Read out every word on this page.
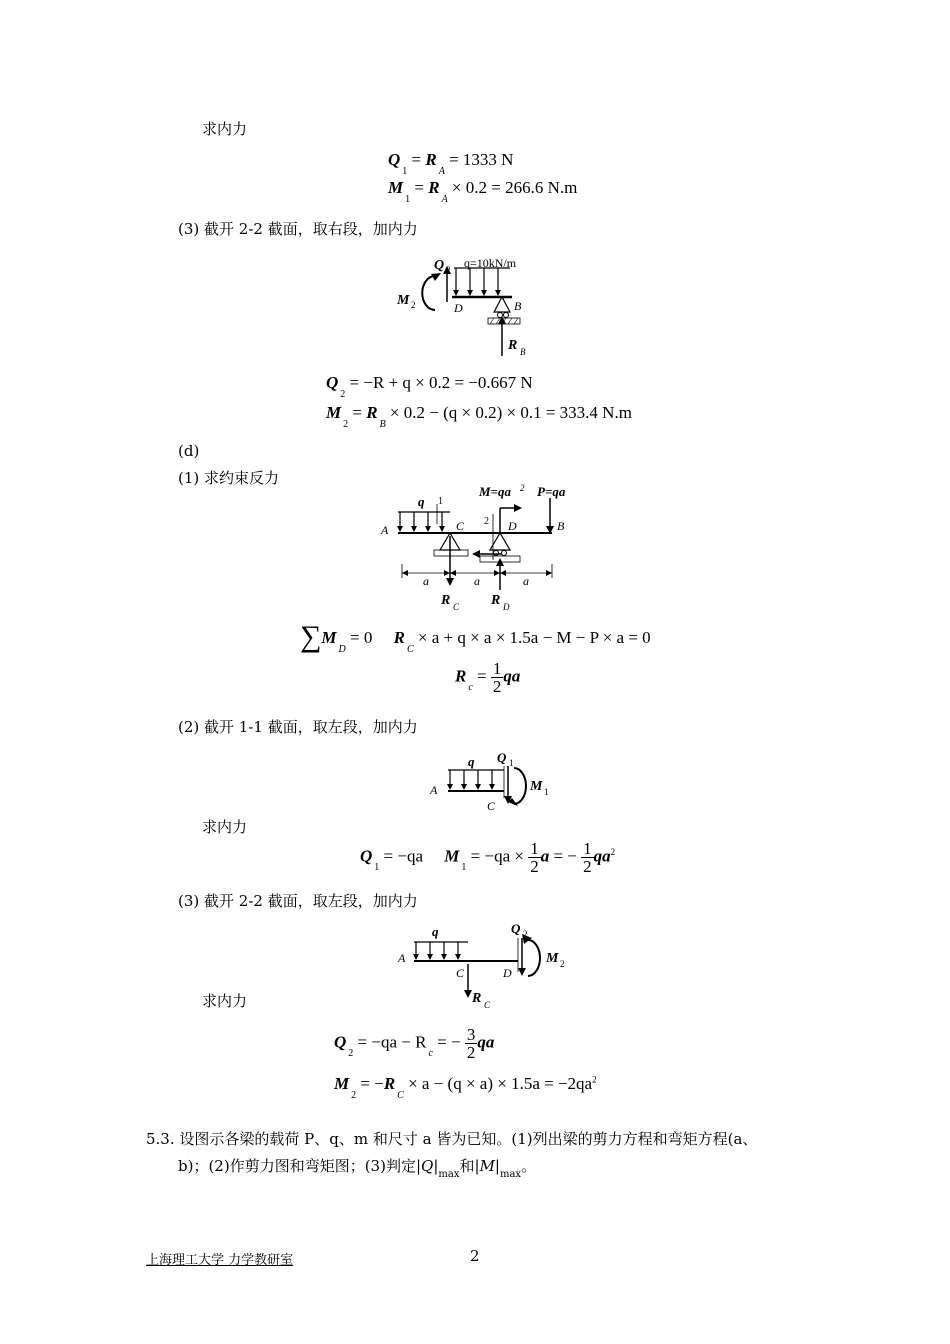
求内力
$Q_1 = R_A = 1333$ N
$M_1 = R_A \times 0.2 = 266.6$ N.m
(3) 截开 2-2 截面，取右段，加内力
q=10kN/m
Q 2
M 2	D	B
R B
$Q_2 = -R + q \times 0.2 = -0.667$ N
$M_2 = R_B \times 0.2 - (q \times 0.2) \times 0.1 = 333.4$ N.m
(d)
(1) 求约束反力
q
M=qa 2 P=qa
A	B
C	D
1
2
a	a	a
R C R D
$\sum M_D = 0$ $R_C \times a + q \times a \times 1.5a - M - P \times a = 0$
$R_c = \frac{1}{2}$ qa
(2) 截开 1-1 截面，取左段，加内力
q Q 1
M 1
A
C
求内力
$Q_1 = -qa$ $M_1 = -qa \times \frac{1}{2}$ a = − $\frac{1}{2} qa^2$
(3) 截开 2-2 截面，取左段，加内力
q	Q 2
M 2
A
C	D
R C
求内力
$Q_2 = -qa - R_c$ = − $\frac{3}{2}$ qa
$M_2 = -R_C \times a - (q \times a) \times 1.5a = -2qa^2$
5.3. 设图示各梁的载荷 P、q、m 和尺寸 a 皆为已知。(1)列出梁的剪力方程和弯矩方程(a、
b)；(2)作剪力图和弯矩图；(3)判定$|Q|_{max}$和$|M|_{max}$。
上海理工大学 力学教研室	2
